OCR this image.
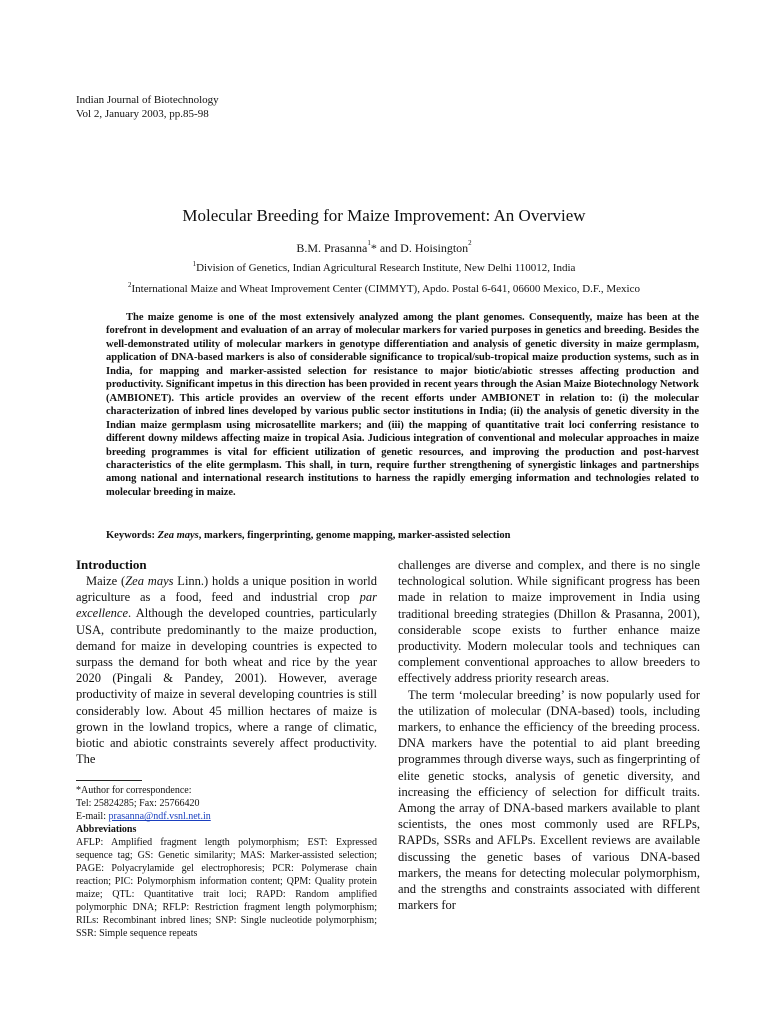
Indian Journal of Biotechnology
Vol 2, January 2003, pp.85-98
Molecular Breeding for Maize Improvement: An Overview
B.M. Prasanna$^1$* and D. Hoisington$^2$
$^1$Division of Genetics, Indian Agricultural Research Institute, New Delhi 110012, India
$^2$International Maize and Wheat Improvement Center (CIMMYT), Apdo. Postal 6-641, 06600 Mexico, D.F., Mexico

The maize genome is one of the most extensively analyzed among the plant genomes. Consequently, maize has been at the forefront in development and evaluation of an array of molecular markers for varied purposes in genetics and breeding. Besides the well-demonstrated utility of molecular markers in genotype differentiation and analysis of genetic diversity in maize germplasm, application of DNA-based markers is also of considerable significance to tropical/sub-tropical maize production systems, such as in India, for mapping and marker-assisted selection for resistance to major biotic/abiotic stresses affecting production and productivity. Significant impetus in this direction has been provided in recent years through the Asian Maize Biotechnology Network (AMBIONET). This article provides an overview of the recent efforts under AMBIONET in relation to: (i) the molecular characterization of inbred lines developed by various public sector institutions in India; (ii) the analysis of genetic diversity in the Indian maize germplasm using microsatellite markers; and (iii) the mapping of quantitative trait loci conferring resistance to different downy mildews affecting maize in tropical Asia. Judicious integration of conventional and molecular approaches in maize breeding programmes is vital for efficient utilization of genetic resources, and improving the production and post-harvest characteristics of the elite germplasm. This shall, in turn, require further strengthening of synergistic linkages and partnerships among national and international research institutions to harness the rapidly emerging information and technologies related to molecular breeding in maize.

Keywords: Zea mays, markers, fingerprinting, genome mapping, marker-assisted selection

Introduction

Maize (Zea mays Linn.) holds a unique position in world agriculture as a food, feed and industrial crop par excellence. Although the developed countries, particularly USA, contribute predominantly to the maize production, demand for maize in developing countries is expected to surpass the demand for both wheat and rice by the year 2020 (Pingali & Pandey, 2001). However, average productivity of maize in several developing countries is still considerably low. About 45 million hectares of maize is grown in the lowland tropics, where a range of climatic, biotic and abiotic constraints severely affect productivity. The

*Author for correspondence:

Tel: 25824285; Fax: 25766420

E-mail: prasanna@ndf.vsnl.net.in

Abbreviations

AFLP: Amplified fragment length polymorphism; EST: Expressed sequence tag; GS: Genetic similarity; MAS: Marker-assisted selection; PAGE: Polyacrylamide gel electrophoresis; PCR: Polymerase chain reaction; PIC: Polymorphism information content; QPM: Quality protein maize; QTL: Quantitative trait loci; RAPD: Random amplified polymorphic DNA; RFLP: Restriction fragment length polymorphism; RILs: Recombinant inbred lines; SNP: Single nucleotide polymorphism; SSR: Simple sequence repeats

challenges are diverse and complex, and there is no single technological solution. While significant progress has been made in relation to maize improvement in India using traditional breeding strategies (Dhillon & Prasanna, 2001), considerable scope exists to further enhance maize productivity. Modern molecular tools and techniques can complement conventional approaches to allow breeders to effectively address priority research areas.

The term ‘molecular breeding’ is now popularly used for the utilization of molecular (DNA-based) tools, including markers, to enhance the efficiency of the breeding process. DNA markers have the potential to aid plant breeding programmes through diverse ways, such as fingerprinting of elite genetic stocks, analysis of genetic diversity, and increasing the efficiency of selection for difficult traits. Among the array of DNA-based markers available to plant scientists, the ones most commonly used are RFLPs, RAPDs, SSRs and AFLPs. Excellent reviews are available discussing the genetic bases of various DNA-based markers, the means for detecting molecular polymorphism, and the strengths and constraints associated with different markers for
